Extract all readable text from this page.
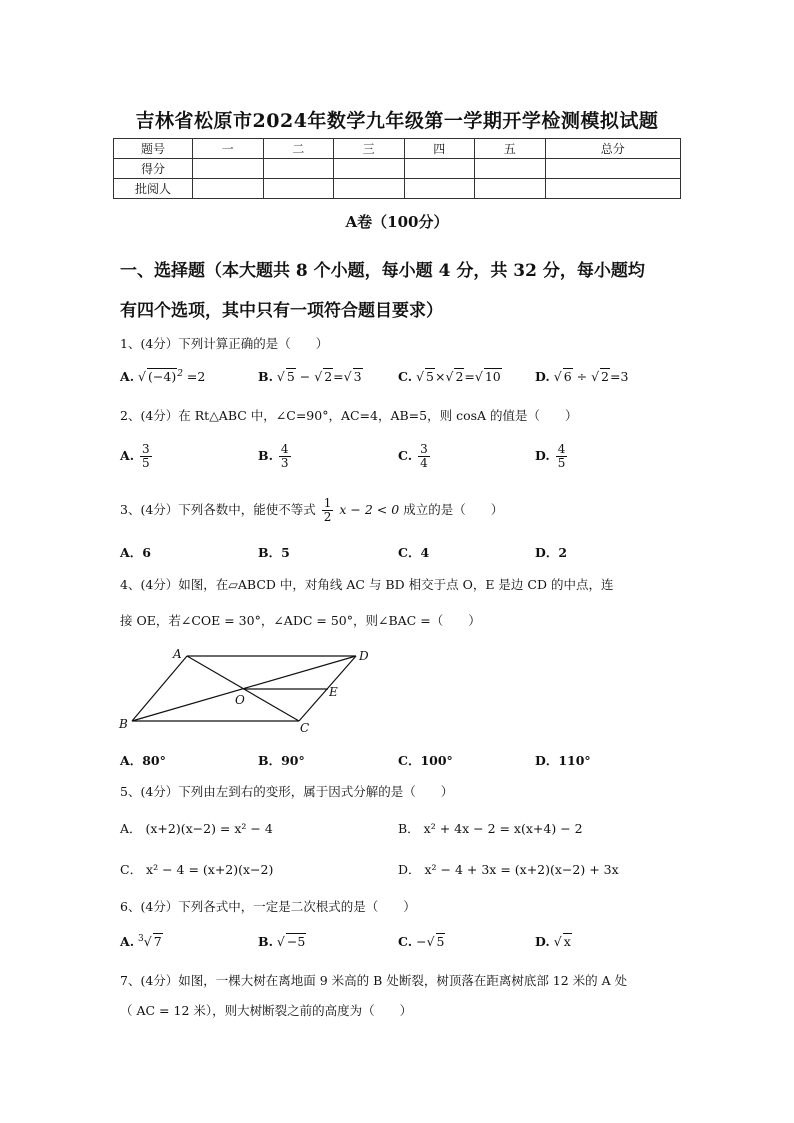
吉林省松原市2024年数学九年级第一学期开学检测模拟试题
题号	一	二	三	四	五	总分
得分						
批阅人						
A卷（100分）
一、选择题（本大题共 8 个小题，每小题 4 分，共 32 分，每小题均
有四个选项，其中只有一项符合题目要求）
1、(4分）下列计算正确的是（　　）
A. √ $(-4)^2 =2$	B. √ 5 − √ 2=√ 3	C. √ 5×√ 2=√ 10	D. √ 6 ÷ √ 2=3
2、(4分）在 Rt△ABC 中，∠C=90°，AC=4，AB=5，则 cosA 的值是（　　）
A. $\frac{3}{5}$	B. $\frac{4}{3}$	C. $\frac{3}{4}$	D. $\frac{4}{5}$
3、(4分）下列各数中，能使不等式 $\frac{1}{2}$ x − 2 < 0 成立的是（　　）
A．6	B．5	C．4	D．2
4、(4分）如图，在▱ABCD 中，对角线 AC 与 BD 相交于点 O，E 是边 CD 的中点，连
接 OE，若∠COE = 30°，∠ADC = 50°，则∠BAC =（　　）
A	D
B	C
O
E
A．80°	B．90°	C．100°	D．110°
5、(4分）下列由左到右的变形，属于因式分解的是（　　）
A． (x+2)(x−2) = x² − 4	B． x² + 4x − 2 = x(x+4) − 2
C． x² − 4 = (x+2)(x−2)	D． x² − 4 + 3x = (x+2)(x−2) + 3x
6、(4分）下列各式中，一定是二次根式的是（　　）
A. $^3$√ 7	B. √ −5	C. −√ 5	D. √ x
7、(4分）如图，一棵大树在离地面 9 米高的 B 处断裂，树顶落在距离树底部 12 米的 A 处
（ AC = 12 米），则大树断裂之前的高度为（　　）
